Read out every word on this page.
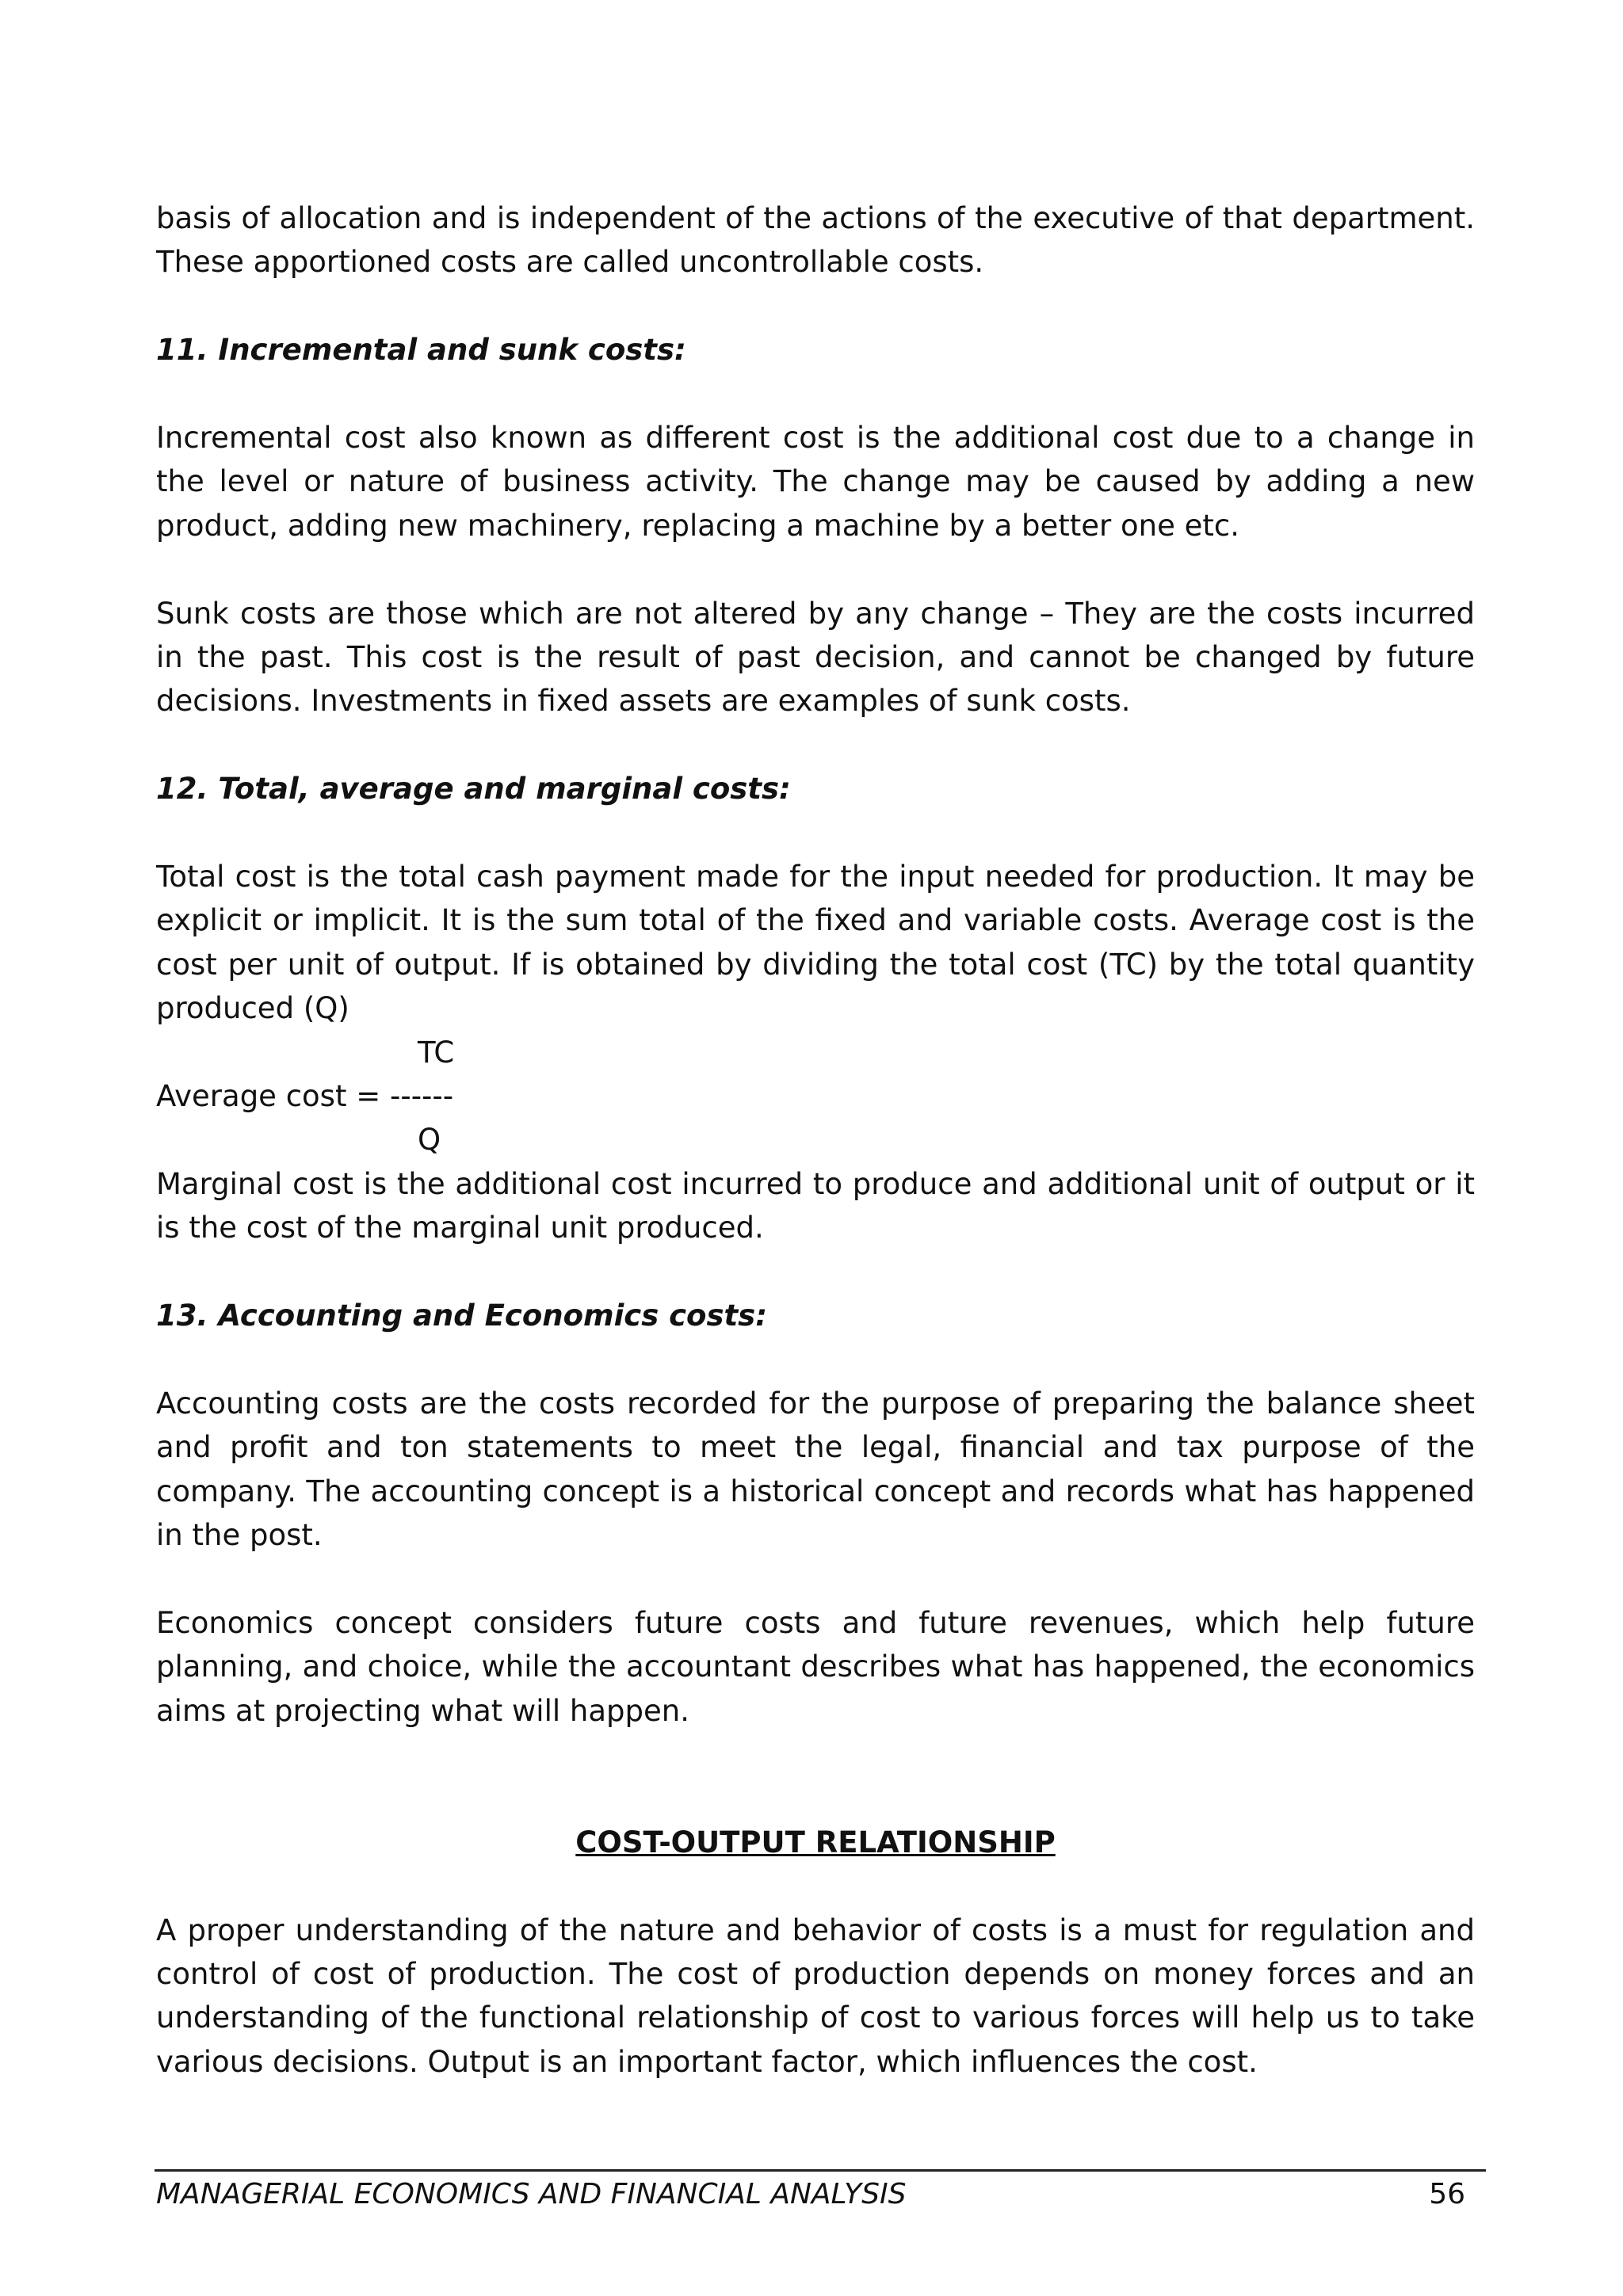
basis of allocation and is independent of the actions of the executive of that department. These apportioned costs are called uncontrollable costs.

11. Incremental and sunk costs:

Incremental cost also known as different cost is the additional cost due to a change in the level or nature of business activity. The change may be caused by adding a new product, adding new machinery, replacing a machine by a better one etc.

Sunk costs are those which are not altered by any change – They are the costs incurred in the past. This cost is the result of past decision, and cannot be changed by future decisions. Investments in fixed assets are examples of sunk costs.

12. Total, average and marginal costs:

Total cost is the total cash payment made for the input needed for production. It may be explicit or implicit. It is the sum total of the fixed and variable costs. Average cost is the cost per unit of output. If is obtained by dividing the total cost (TC) by the total quantity produced (Q)

TC
Average cost = ------
Q

Marginal cost is the additional cost incurred to produce and additional unit of output or it is the cost of the marginal unit produced.

13. Accounting and Economics costs:

Accounting costs are the costs recorded for the purpose of preparing the balance sheet and profit and ton statements to meet the legal, financial and tax purpose of the company. The accounting concept is a historical concept and records what has happened in the post.

Economics concept considers future costs and future revenues, which help future planning, and choice, while the accountant describes what has happened, the economics aims at projecting what will happen.

COST-OUTPUT RELATIONSHIP

A proper understanding of the nature and behavior of costs is a must for regulation and control of cost of production. The cost of production depends on money forces and an understanding of the functional relationship of cost to various forces will help us to take various decisions. Output is an important factor, which influences the cost.

MANAGERIAL ECONOMICS AND FINANCIAL ANALYSIS	56
